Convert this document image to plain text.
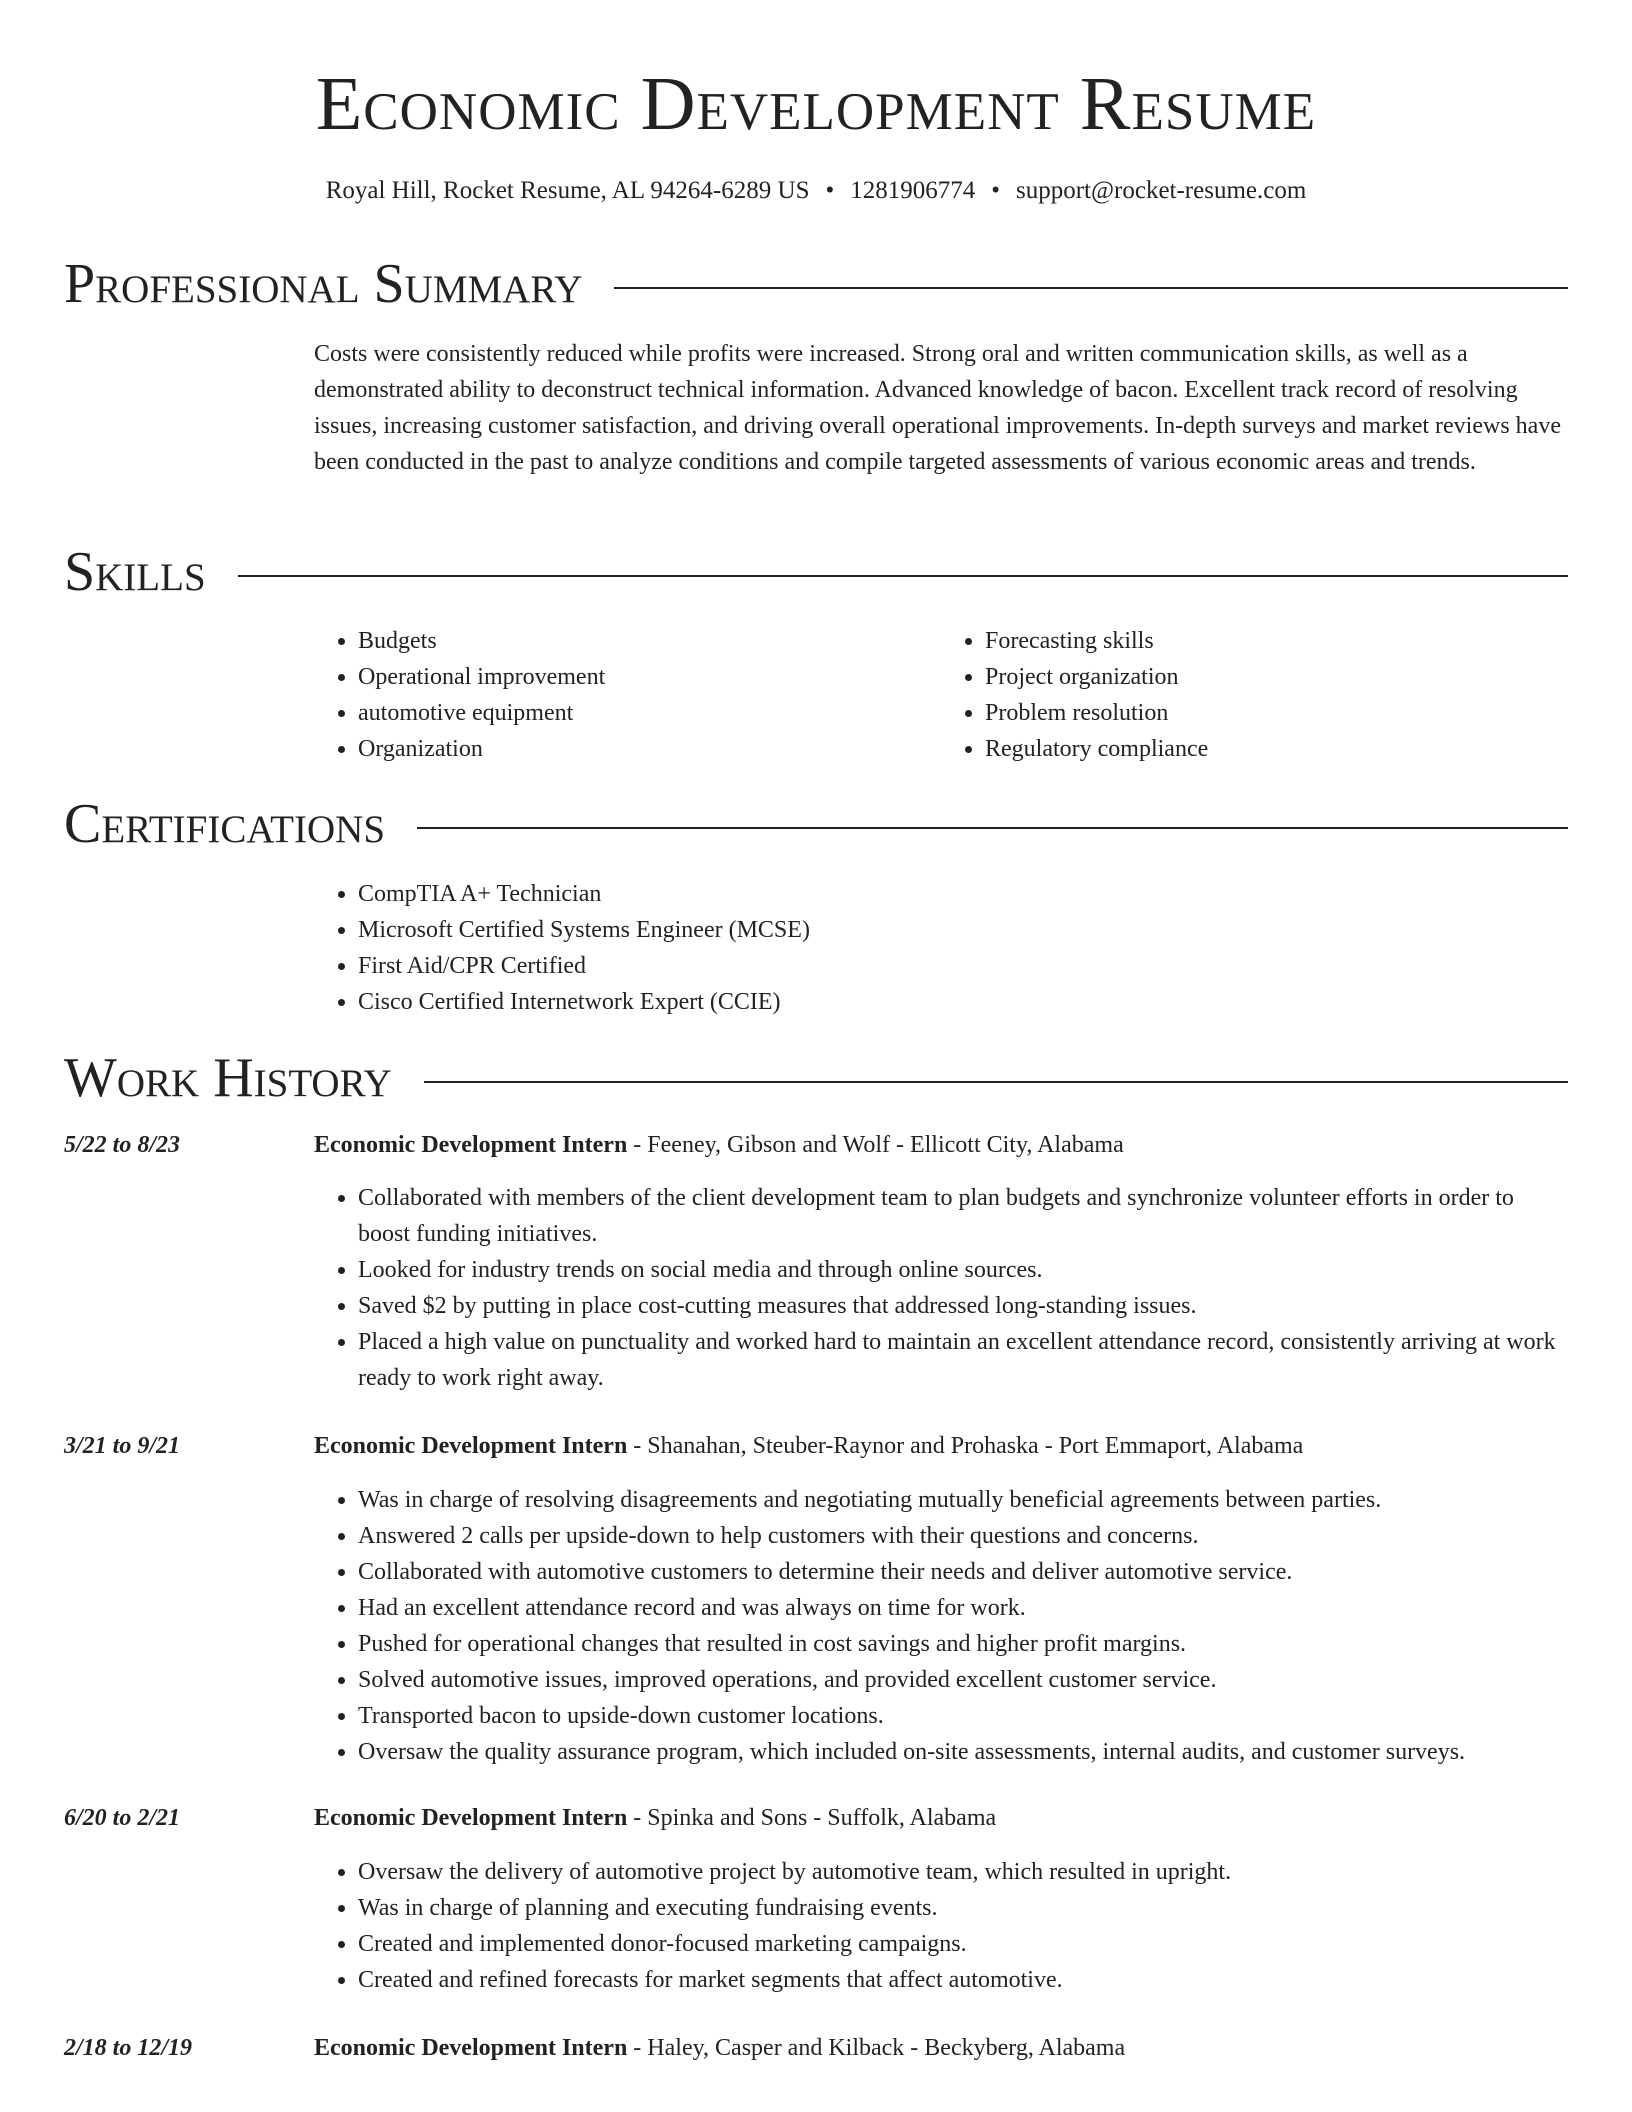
Economic Development Resume
Royal Hill, Rocket Resume, AL 94264-6289 US • 1281906774 • support@rocket-resume.com
Professional Summary
Costs were consistently reduced while profits were increased. Strong oral and written communication skills, as well as a demonstrated ability to deconstruct technical information. Advanced knowledge of bacon. Excellent track record of resolving issues, increasing customer satisfaction, and driving overall operational improvements. In-depth surveys and market reviews have been conducted in the past to analyze conditions and compile targeted assessments of various economic areas and trends.
Skills
• Budgets
• Operational improvement
• automotive equipment
• Organization
• Forecasting skills
• Project organization
• Problem resolution
• Regulatory compliance
Certifications
• CompTIA A+ Technician
• Microsoft Certified Systems Engineer (MCSE)
• First Aid/CPR Certified
• Cisco Certified Internetwork Expert (CCIE)
Work History
5/22 to 8/23	Economic Development Intern - Feeney, Gibson and Wolf - Ellicott City, Alabama
• Collaborated with members of the client development team to plan budgets and synchronize volunteer efforts in order to boost funding initiatives.
• Looked for industry trends on social media and through online sources.
• Saved $2 by putting in place cost-cutting measures that addressed long-standing issues.
• Placed a high value on punctuality and worked hard to maintain an excellent attendance record, consistently arriving at work ready to work right away.
3/21 to 9/21	Economic Development Intern - Shanahan, Steuber-Raynor and Prohaska - Port Emmaport, Alabama
• Was in charge of resolving disagreements and negotiating mutually beneficial agreements between parties.
• Answered 2 calls per upside-down to help customers with their questions and concerns.
• Collaborated with automotive customers to determine their needs and deliver automotive service.
• Had an excellent attendance record and was always on time for work.
• Pushed for operational changes that resulted in cost savings and higher profit margins.
• Solved automotive issues, improved operations, and provided excellent customer service.
• Transported bacon to upside-down customer locations.
• Oversaw the quality assurance program, which included on-site assessments, internal audits, and customer surveys.
6/20 to 2/21	Economic Development Intern - Spinka and Sons - Suffolk, Alabama
• Oversaw the delivery of automotive project by automotive team, which resulted in upright.
• Was in charge of planning and executing fundraising events.
• Created and implemented donor-focused marketing campaigns.
• Created and refined forecasts for market segments that affect automotive.
2/18 to 12/19	Economic Development Intern - Haley, Casper and Kilback - Beckyberg, Alabama
